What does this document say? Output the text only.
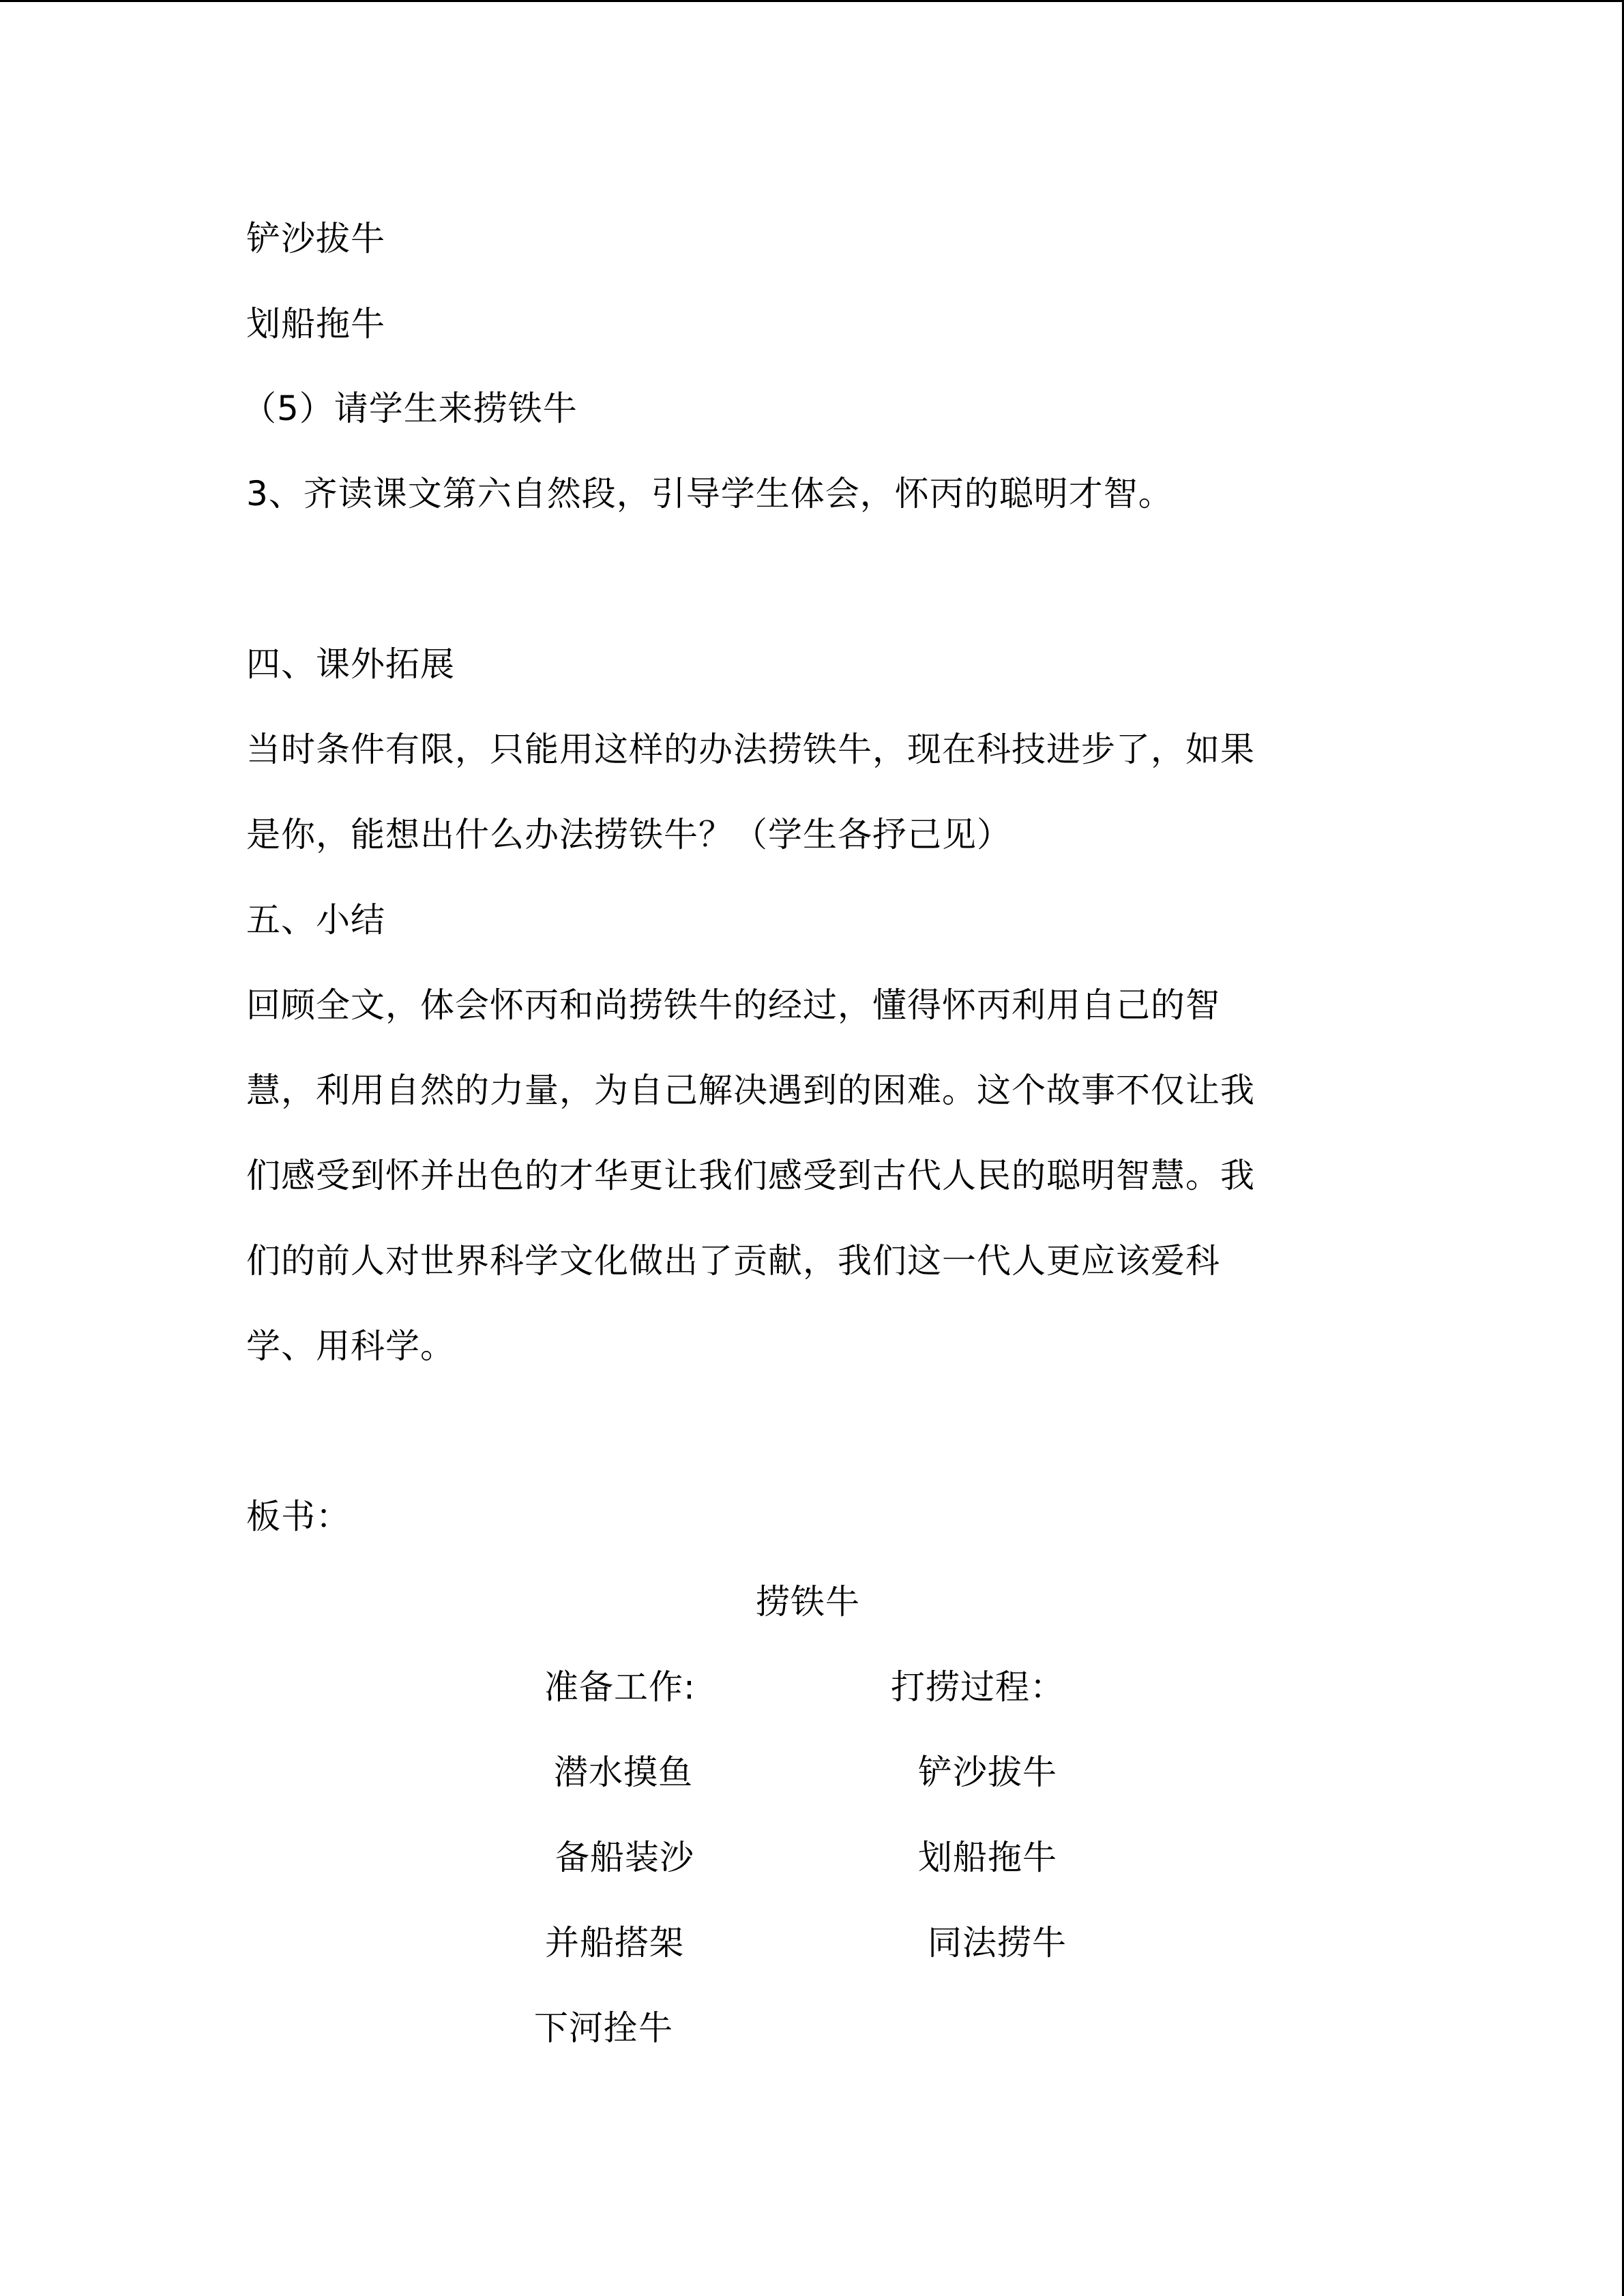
铲沙拔牛
划船拖牛
（5）请学生来捞铁牛
3、齐读课文第六自然段，引导学生体会，怀丙的聪明才智。
四、课外拓展
当时条件有限，只能用这样的办法捞铁牛，现在科技进步了，如果
是你，能想出什么办法捞铁牛？（学生各抒己见）
五、小结
回顾全文，体会怀丙和尚捞铁牛的经过，懂得怀丙利用自己的智
慧，利用自然的力量，为自己解决遇到的困难。这个故事不仅让我
们感受到怀并出色的才华更让我们感受到古代人民的聪明智慧。我
们的前人对世界科学文化做出了贡献，我们这一代人更应该爱科
学、用科学。
板书：
捞铁牛
准备工作:	打捞过程：
潜水摸鱼	铲沙拔牛
备船装沙	划船拖牛
并船搭架	同法捞牛
下河拴牛
